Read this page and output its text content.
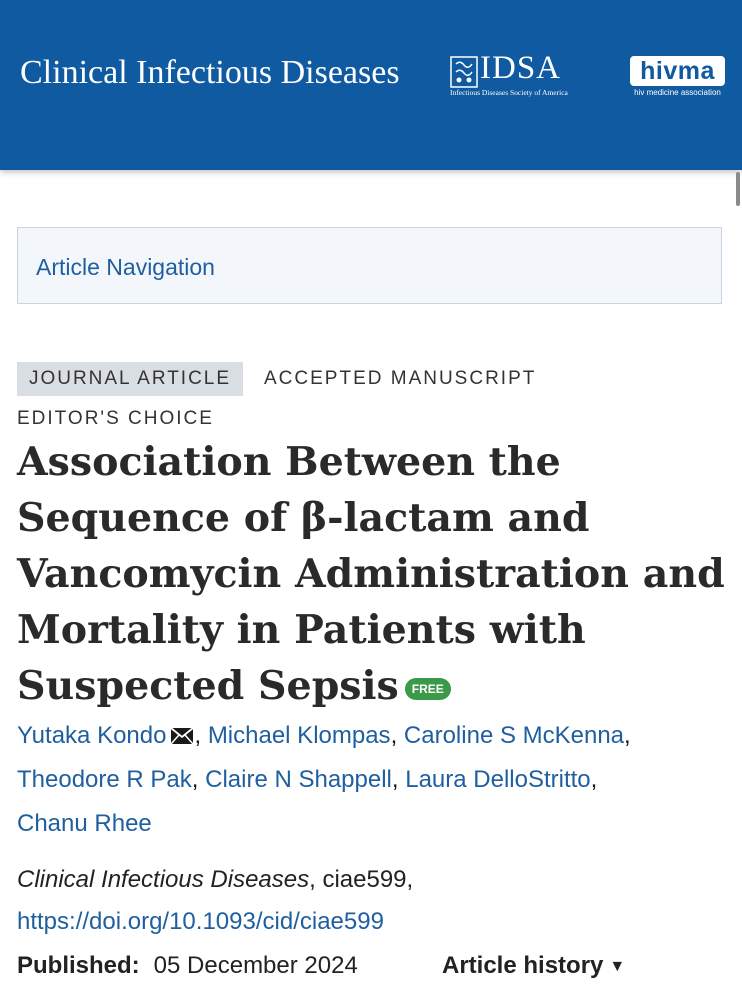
Clinical Infectious Diseases IDSA
Infectious Diseases Society of America
hivma
hiv medicine association
Article Navigation
JOURNAL ARTICLE	ACCEPTED MANUSCRIPT
EDITOR'S CHOICE
Association Between the Sequence of β-lactam and Vancomycin Administration and Mortality in Patients with Suspected Sepsis FREE
Yutaka Kondo , Michael Klompas, Caroline S McKenna,
Theodore R Pak, Claire N Shappell, Laura DelloStritto,
Chanu Rhee
Clinical Infectious Diseases, ciae599,
https://doi.org/10.1093/cid/ciae599
Published: 05 December 2024	Article history ▼
